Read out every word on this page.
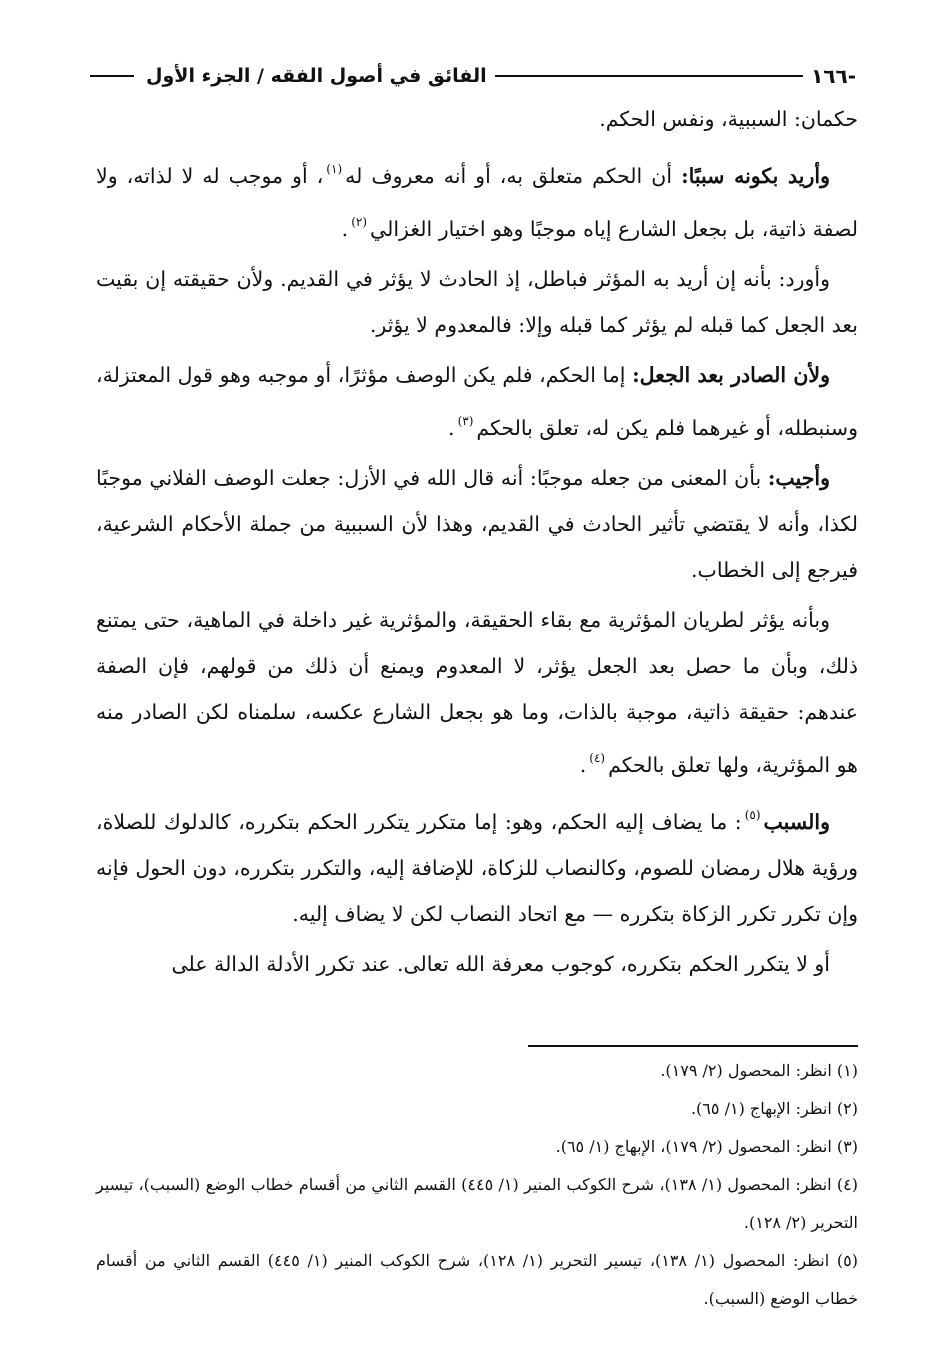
-١٦٦
الفائق في أصول الفقه / الجزء الأول

حكمان: السببية، ونفس الحكم.

وأريد بكونه سببًا: أن الحكم متعلق به، أو أنه معروف له$^{(١)}$، أو موجب له لا لذاته، ولا لصفة ذاتية، بل بجعل الشارع إياه موجبًا وهو اختيار الغزالي$^{(٢)}$.

وأورد: بأنه إن أريد به المؤثر فباطل، إذ الحادث لا يؤثر في القديم. ولأن حقيقته إن بقيت بعد الجعل كما قبله لم يؤثر كما قبله وإلا: فالمعدوم لا يؤثر.

ولأن الصادر بعد الجعل: إما الحكم، فلم يكن الوصف مؤثرًا، أو موجبه وهو قول المعتزلة، وسنبطله، أو غيرهما فلم يكن له، تعلق بالحكم$^{(٣)}$.

وأجيب: بأن المعنى من جعله موجبًا: أنه قال الله في الأزل: جعلت الوصف الفلاني موجبًا لكذا، وأنه لا يقتضي تأثير الحادث في القديم، وهذا لأن السببية من جملة الأحكام الشرعية، فيرجع إلى الخطاب.

وبأنه يؤثر لطريان المؤثرية مع بقاء الحقيقة، والمؤثرية غير داخلة في الماهية، حتى يمتنع ذلك، وبأن ما حصل بعد الجعل يؤثر، لا المعدوم ويمنع أن ذلك من قولهم، فإن الصفة عندهم: حقيقة ذاتية، موجبة بالذات، وما هو بجعل الشارع عكسه، سلمناه لكن الصادر منه هو المؤثرية، ولها تعلق بالحكم$^{(٤)}$.

والسبب$^{(٥)}$: ما يضاف إليه الحكم، وهو: إما متكرر يتكرر الحكم بتكرره، كالدلوك للصلاة، ورؤية هلال رمضان للصوم، وكالنصاب للزكاة، للإضافة إليه، والتكرر بتكرره، دون الحول فإنه وإن تكرر تكرر الزكاة بتكرره — مع اتحاد النصاب لكن لا يضاف إليه.

أو لا يتكرر الحكم بتكرره، كوجوب معرفة الله تعالى. عند تكرر الأدلة الدالة على

(١) انظر: المحصول (٢/ ١٧٩).
(٢) انظر: الإبهاج (١/ ٦٥).
(٣) انظر: المحصول (٢/ ١٧٩)، الإبهاج (١/ ٦٥).
(٤) انظر: المحصول (١/ ١٣٨)، شرح الكوكب المنير (١/ ٤٤٥) القسم الثاني من أقسام خطاب الوضع (السبب)، تيسير التحرير (٢/ ١٢٨).
(٥) انظر: المحصول (١/ ١٣٨)، تيسير التحرير (١/ ١٢٨)، شرح الكوكب المنير (١/ ٤٤٥) القسم الثاني من أقسام خطاب الوضع (السبب).
